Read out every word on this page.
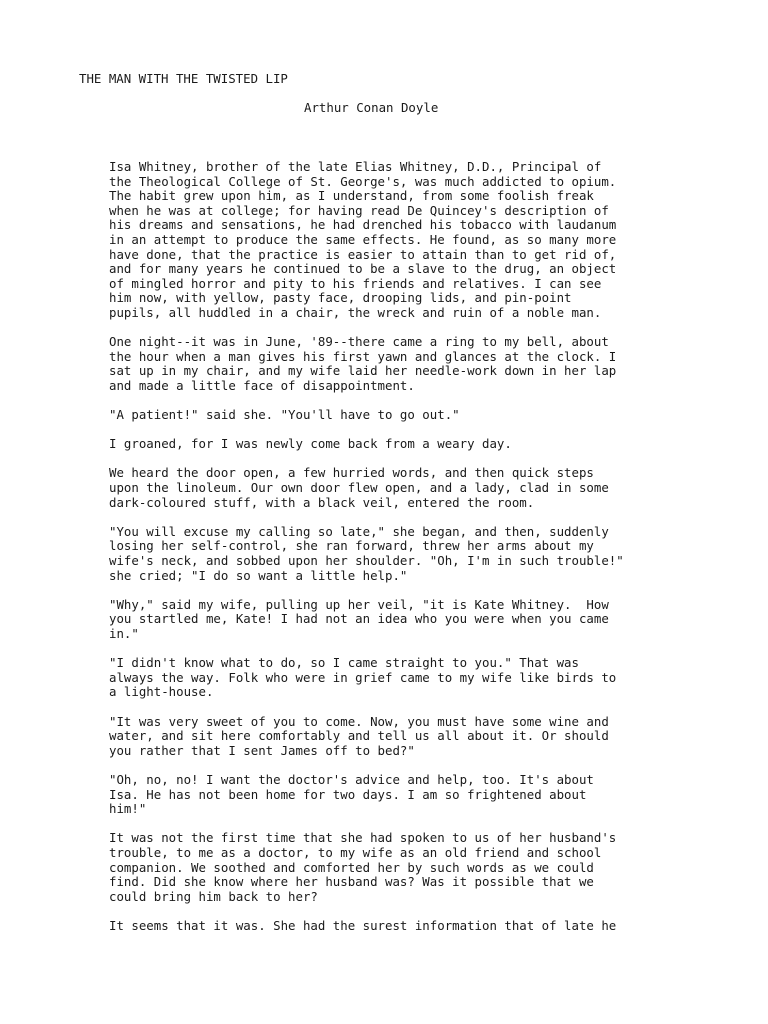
THE MAN WITH THE TWISTED LIP

Arthur Conan Doyle

Isa Whitney, brother of the late Elias Whitney, D.D., Principal of
the Theological College of St. George's, was much addicted to opium.
The habit grew upon him, as I understand, from some foolish freak
when he was at college; for having read De Quincey's description of
his dreams and sensations, he had drenched his tobacco with laudanum
in an attempt to produce the same effects. He found, as so many more
have done, that the practice is easier to attain than to get rid of,
and for many years he continued to be a slave to the drug, an object
of mingled horror and pity to his friends and relatives. I can see
him now, with yellow, pasty face, drooping lids, and pin-point
pupils, all huddled in a chair, the wreck and ruin of a noble man.

One night--it was in June, '89--there came a ring to my bell, about
the hour when a man gives his first yawn and glances at the clock. I
sat up in my chair, and my wife laid her needle-work down in her lap
and made a little face of disappointment.

"A patient!" said she. "You'll have to go out."

I groaned, for I was newly come back from a weary day.

We heard the door open, a few hurried words, and then quick steps
upon the linoleum. Our own door flew open, and a lady, clad in some
dark-coloured stuff, with a black veil, entered the room.

"You will excuse my calling so late," she began, and then, suddenly
losing her self-control, she ran forward, threw her arms about my
wife's neck, and sobbed upon her shoulder. "Oh, I'm in such trouble!"
she cried; "I do so want a little help."

"Why," said my wife, pulling up her veil, "it is Kate Whitney.  How
you startled me, Kate! I had not an idea who you were when you came
in."

"I didn't know what to do, so I came straight to you." That was
always the way. Folk who were in grief came to my wife like birds to
a light-house.

"It was very sweet of you to come. Now, you must have some wine and
water, and sit here comfortably and tell us all about it. Or should
you rather that I sent James off to bed?"

"Oh, no, no! I want the doctor's advice and help, too. It's about
Isa. He has not been home for two days. I am so frightened about
him!"

It was not the first time that she had spoken to us of her husband's
trouble, to me as a doctor, to my wife as an old friend and school
companion. We soothed and comforted her by such words as we could
find. Did she know where her husband was? Was it possible that we
could bring him back to her?

It seems that it was. She had the surest information that of late he
